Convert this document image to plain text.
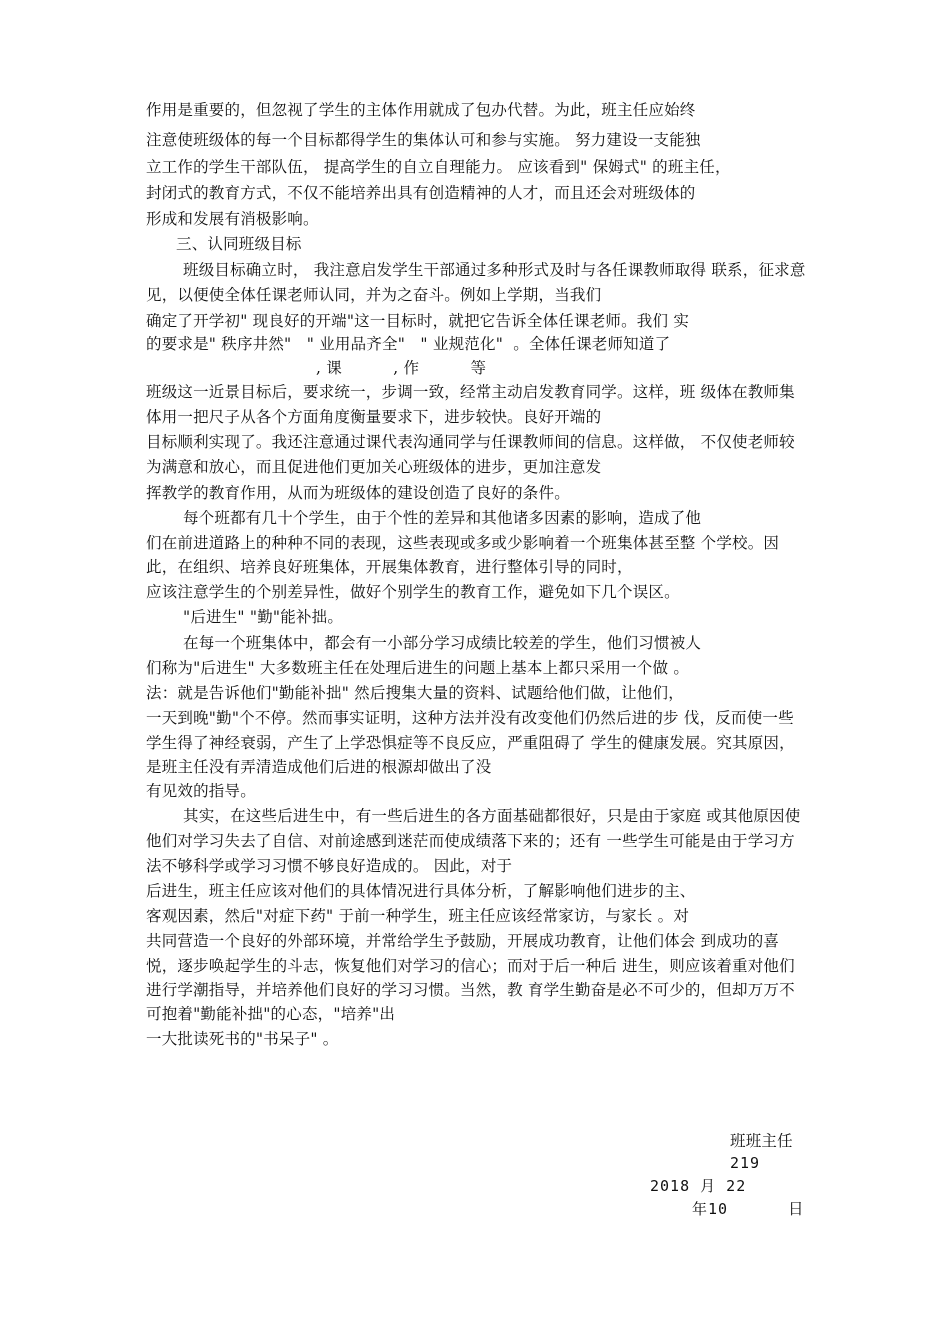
作用是重要的，但忽视了学生的主体作用就成了包办代替。为此，班主任应始终
注意使班级体的每一个目标都得学生的集体认可和参与实施。 努力建设一支能独
立工作的学生干部队伍， 提高学生的自立自理能力。 应该看到" 保姆式" 的班主任，
封闭式的教育方式，不仅不能培养出具有创造精神的人才，而且还会对班级体的
形成和发展有消极影响。
三、认同班级目标
班级目标确立时， 我注意启发学生干部通过多种形式及时与各任课教师取得 联系，征求意
见，以便使全体任课老师认同，并为之奋斗。例如上学期，当我们
确定了开学初" 现良好的开端"这一目标时，就把它告诉全体任课老师。我们 实
的要求是" 秩序井然"   " 业用品齐全"   " 业规范化"  。全体任课老师知道了
, 课          , 作          等
班级这一近景目标后，要求统一，步调一致，经常主动启发教育同学。这样，班 级体在教师集
体用一把尺子从各个方面角度衡量要求下，进步较快。良好开端的
目标顺利实现了。我还注意通过课代表沟通同学与任课教师间的信息。这样做， 不仅使老师较
为满意和放心，而且促进他们更加关心班级体的进步，更加注意发
挥教学的教育作用，从而为班级体的建设创造了良好的条件。
每个班都有几十个学生，由于个性的差异和其他诸多因素的影响，造成了他
们在前进道路上的种种不同的表现，这些表现或多或少影响着一个班集体甚至整 个学校。因
此，在组织、培养良好班集体，开展集体教育，进行整体引导的同时，
应该注意学生的个别差异性，做好个别学生的教育工作，避免如下几个误区。
"后进生" "勤"能补拙。
在每一个班集体中，都会有一小部分学习成绩比较差的学生，他们习惯被人
们称为"后进生" 大多数班主任在处理后进生的问题上基本上都只采用一个做 。
法：就是告诉他们"勤能补拙" 然后搜集大量的资料、试题给他们做，让他们，
一天到晚"勤"个不停。然而事实证明，这种方法并没有改变他们仍然后进的步 伐，反而使一些
学生得了神经衰弱，产生了上学恐惧症等不良反应，严重阻碍了 学生的健康发展。究其原因，
是班主任没有弄清造成他们后进的根源却做出了没
有见效的指导。
其实，在这些后进生中，有一些后进生的各方面基础都很好，只是由于家庭 或其他原因使
他们对学习失去了自信、对前途感到迷茫而使成绩落下来的；还有 一些学生可能是由于学习方
法不够科学或学习习惯不够良好造成的。 因此，对于
后进生，班主任应该对他们的具体情况进行具体分析，了解影响他们进步的主、
客观因素，然后"对症下药" 于前一种学生，班主任应该经常家访，与家长 。对
共同营造一个良好的外部环境，并常给学生予鼓励，开展成功教育，让他们体会 到成功的喜
悦，逐步唤起学生的斗志，恢复他们对学习的信心；而对于后一种后 进生，则应该着重对他们
进行学潮指导，并培养他们良好的学习习惯。当然，教 育学生勤奋是必不可少的，但却万万不
可抱着"勤能补拙"的心态，"培养"出
一大批读死书的"书呆子" 。
班班主任
219
2018 月 22
年10	日
